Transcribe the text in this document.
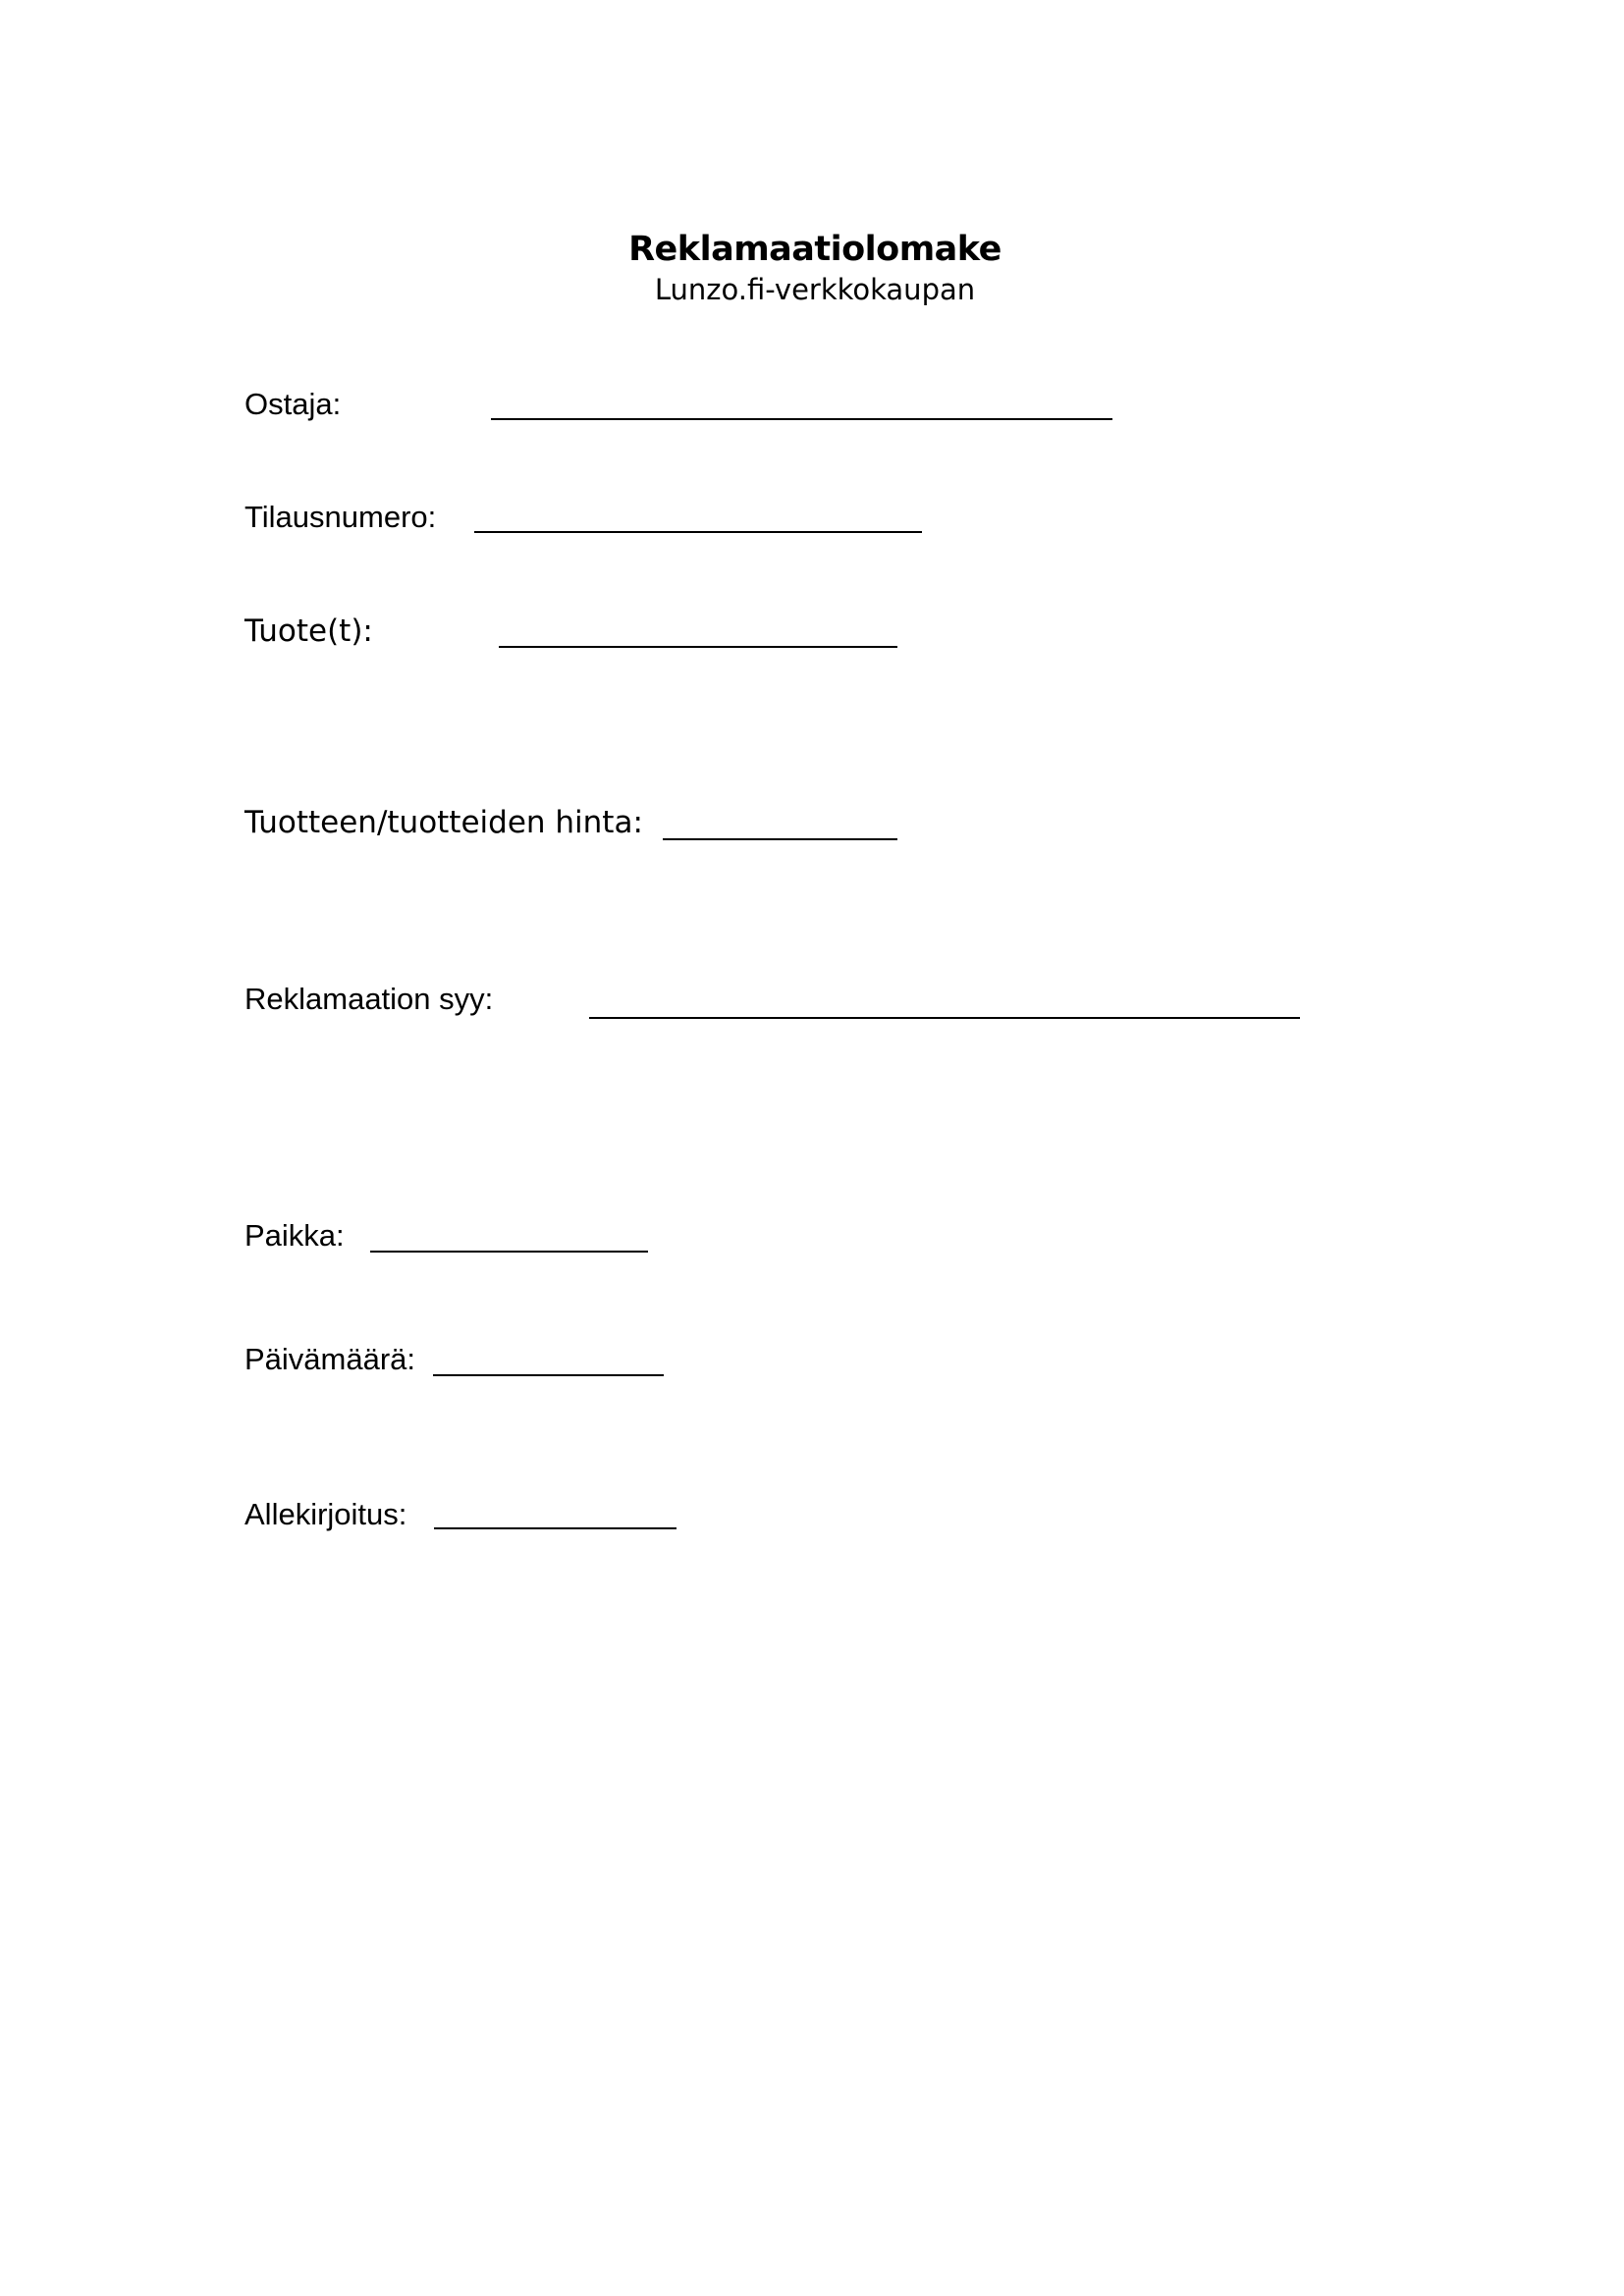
Reklamaatiolomake
Lunzo.fi-verkkokaupan
Ostaja:
Tilausnumero:
Tuote(t):
Tuotteen/tuotteiden hinta:
Reklamaation syy:
Paikka:
Päivämäärä:
Allekirjoitus:
